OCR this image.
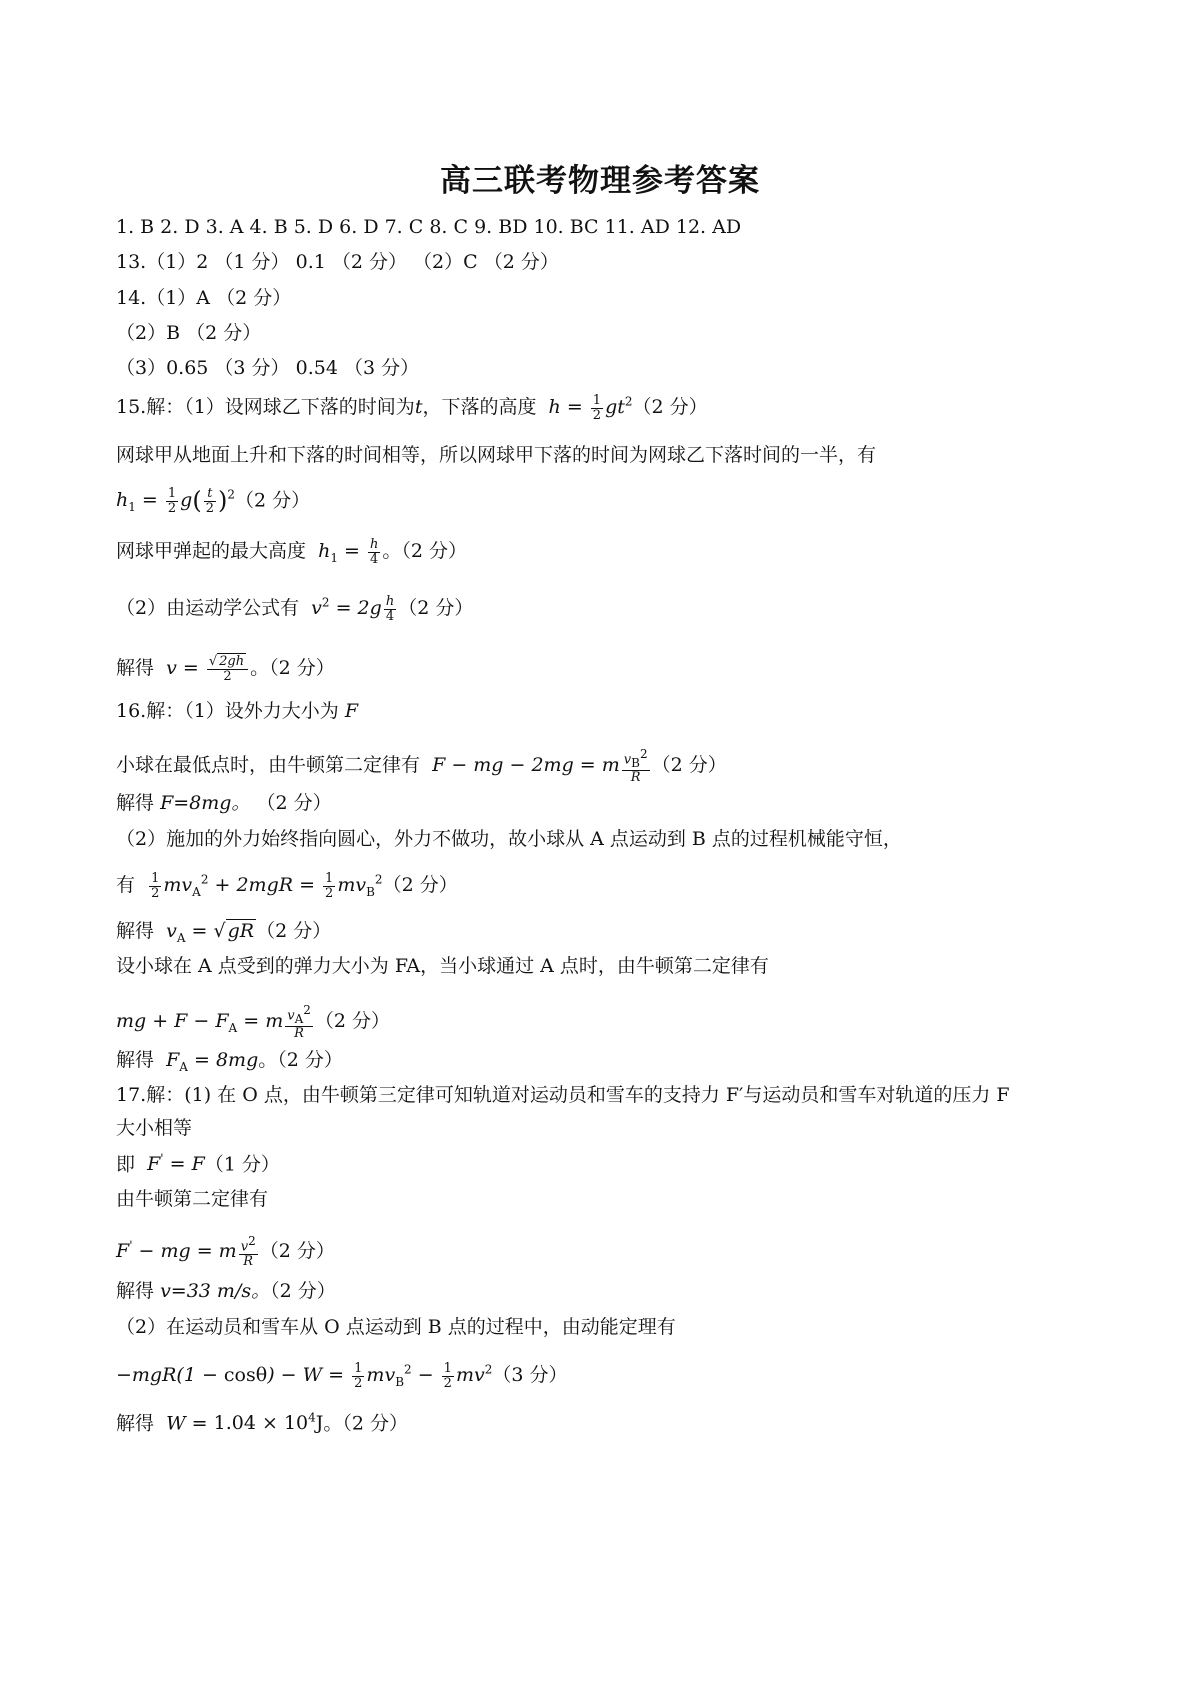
高三联考物理参考答案
1. B 2. D 3. A 4. B 5. D 6. D 7. C 8. C 9. BD 10. BC 11. AD 12. AD
13.（1）2 （1 分） 0.1 （2 分） （2）C （2 分）
14.（1）A （2 分）
（2）B （2 分）
（3）0.65 （3 分） 0.54 （3 分）
15.解：（1）设网球乙下落的时间为t，下落的高度  $h = \frac{1}{2} gt^2(2$ 分）
网球甲从地面上升和下落的时间相等，所以网球甲下落的时间为网球乙下落时间的一半，有
$h_1 = \frac{1}{2} g( \frac{t}{2} )^2(2$ 分）
网球甲弹起的最大高度  $h_1 = \frac{h}{4}$ 。（2 分）
（2）由运动学公式有  $v^2 = 2g \frac{h}{4} (2$ 分）
解得  $v = \frac{√ 2gh}{2}$ 。（2 分）
16.解：（1）设外力大小为 F
小球在最低点时，由牛顿第二定律有  F − mg − 2mg = m $\frac{vB2}{R} (2$ 分）
解得 F=8mg。 （2 分）
（2）施加的外力始终指向圆心，外力不做功，故小球从 A 点运动到 B 点的过程机械能守恒，
有 $\frac{1}{2} mv_A^2 + 2mgR = \frac{1}{2} mv_B^2(2$ 分）
解得  $v_A$ = √ gR （2 分）
设小球在 A 点受到的弹力大小为 FA，当小球通过 A 点时，由牛顿第二定律有
mg + $F - F_A = m \frac{vA2}{R} (2$ 分）
解得  $F_A = 8mg$。（2 分）
17.解：(1) 在 O 点，由牛顿第三定律可知轨道对运动员和雪车的支持力 F′与运动员和雪车对轨道的压力 F
大小相等
即  F' = F（1 分）
由牛顿第二定律有
F' − mg = m $\frac{v2}{R} (2$ 分）
解得 v=33 m/s。（2 分）
（2）在运动员和雪车从 O 点运动到 B 点的过程中，由动能定理有
$-mgR(1 - \cos\theta) - W = \frac{1}{2} mv_B^2 - \frac{1}{2} mv^2(3$ 分）
解得  $W = 1.04 \times 10^4J$。（2 分）
